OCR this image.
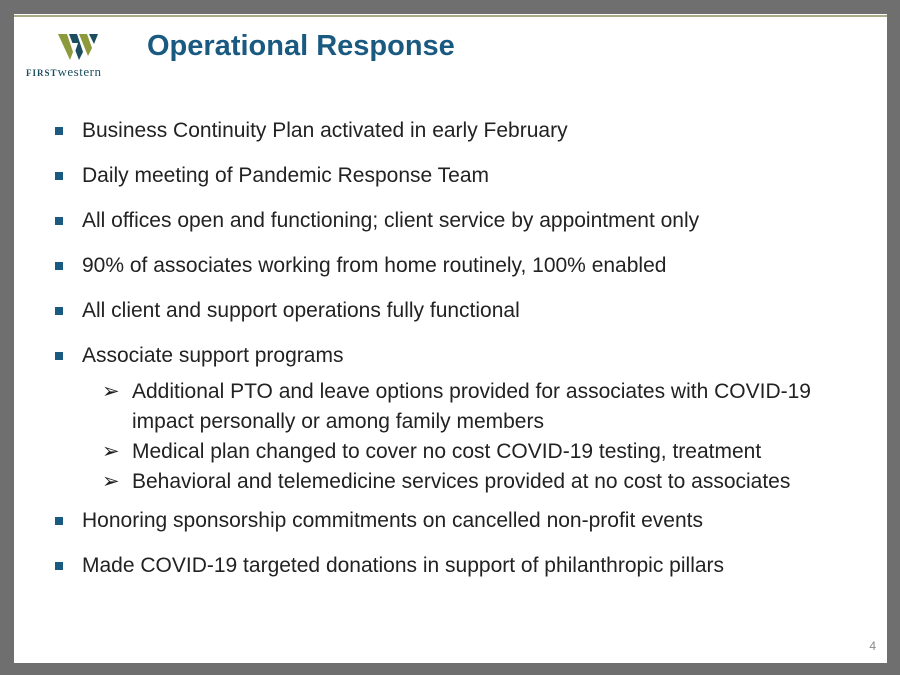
FIRSTwestern
Operational Response
Business Continuity Plan activated in early February
Daily meeting of Pandemic Response Team
All offices open and functioning; client service by appointment only
90% of associates working from home routinely, 100% enabled
All client and support operations fully functional
Associate support programs
➢ Additional PTO and leave options provided for associates with COVID-19 impact personally or among family members
➢ Medical plan changed to cover no cost COVID-19 testing, treatment
➢ Behavioral and telemedicine services provided at no cost to associates
Honoring sponsorship commitments on cancelled non-profit events
Made COVID-19 targeted donations in support of philanthropic pillars
4
